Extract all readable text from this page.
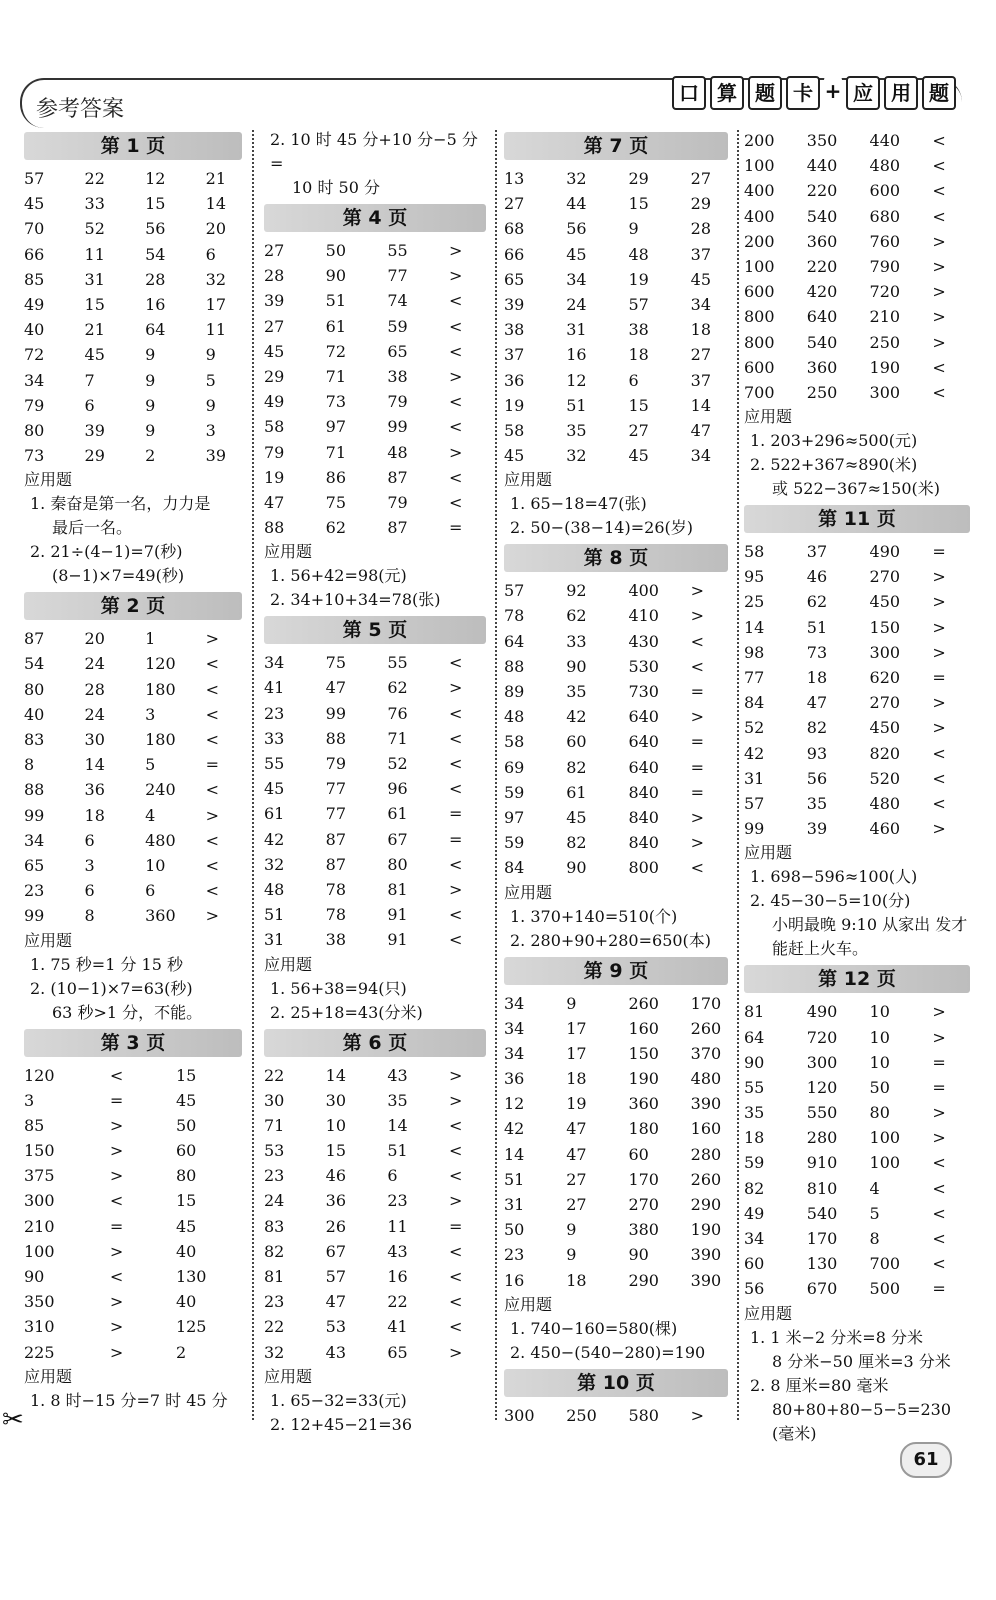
参考答案
口 算 题 卡 + 应 用 题
第 1 页
57	22	12	21
45	33	15	14
70	52	56	20
66	11	54	6
85	31	28	32
49	15	16	17
40	21	64	11
72	45	9	9
34	7	9	5
79	6	9	9
80	39	9	3
73	29	2	39
应用题
1. 秦奋是第一名，力力是
最后一名。
2. 21÷(4−1)=7(秒)
(8−1)×7=49(秒)
第 2 页
87	20	1	>
54	24	120	<
80	28	180	<
40	24	3	<
83	30	180	<
8	14	5	=
88	36	240	<
99	18	4	>
34	6	480	<
65	3	10	<
23	6	6	<
99	8	360	>
应用题
1. 75 秒=1 分 15 秒
2. (10−1)×7=63(秒)
63 秒>1 分，不能。
第 3 页
120	<	15
3	=	45
85	>	50
150	>	60
375	>	80
300	<	15
210	=	45
100	>	40
90	<	130
350	>	40
310	>	125
225	>	2
应用题
1. 8 时−15 分=7 时 45 分
2. 10 时 45 分+10 分−5 分=
10 时 50 分
第 4 页
27	50	55	>
28	90	77	>
39	51	74	<
27	61	59	<
45	72	65	<
29	71	38	>
49	73	79	<
58	97	99	<
79	71	48	>
19	86	87	<
47	75	79	<
88	62	87	=
应用题
1. 56+42=98(元)
2. 34+10+34=78(张)
第 5 页
34	75	55	<
41	47	62	>
23	99	76	<
33	88	71	<
55	79	52	<
45	77	96	<
61	77	61	=
42	87	67	=
32	87	80	<
48	78	81	>
51	78	91	<
31	38	91	<
应用题
1. 56+38=94(只)
2. 25+18=43(分米)
第 6 页
22	14	43	>
30	30	35	>
71	10	14	<
53	15	51	<
23	46	6	<
24	36	23	>
83	26	11	=
82	67	43	<
81	57	16	<
23	47	22	<
22	53	41	<
32	43	65	>
应用题
1. 65−32=33(元)
2. 12+45−21=36
第 7 页
13	32	29	27
27	44	15	29
68	56	9	28
66	45	48	37
65	34	19	45
39	24	57	34
38	31	38	18
37	16	18	27
36	12	6	37
19	51	15	14
58	35	27	47
45	32	45	34
应用题
1. 65−18=47(张)
2. 50−(38−14)=26(岁)
第 8 页
57	92	400	>
78	62	410	>
64	33	430	<
88	90	530	<
89	35	730	=
48	42	640	>
58	60	640	=
69	82	640	=
59	61	840	=
97	45	840	>
59	82	840	>
84	90	800	<
应用题
1. 370+140=510(个)
2. 280+90+280=650(本)
第 9 页
34	9	260	170
34	17	160	260
34	17	150	370
36	18	190	480
12	19	360	390
42	47	180	160
14	47	60	280
51	27	170	260
31	27	270	290
50	9	380	190
23	9	90	390
16	18	290	390
应用题
1. 740−160=580(棵)
2. 450−(540−280)=190
第 10 页
300	250	580	>
200	350	440	<
100	440	480	<
400	220	600	<
400	540	680	<
200	360	760	>
100	220	790	>
600	420	720	>
800	640	210	>
800	540	250	>
600	360	190	<
700	250	300	<
应用题
1. 203+296≈500(元)
2. 522+367≈890(米)
或 522−367≈150(米)
第 11 页
58	37	490	=
95	46	270	>
25	62	450	>
14	51	150	>
98	73	300	>
77	18	620	=
84	47	270	>
52	82	450	>
42	93	820	<
31	56	520	<
57	35	480	<
99	39	460	>
应用题
1. 698−596≈100(人)
2. 45−30−5=10(分)
小明最晚 9:10 从家出 发才能赶上火车。
第 12 页
81	490	10	>
64	720	10	>
90	300	10	=
55	120	50	=
35	550	80	>
18	280	100	>
59	910	100	<
82	810	4	<
49	540	5	<
34	170	8	<
60	130	700	<
56	670	500	=
应用题
1. 1 米−2 分米=8 分米
8 分米−50 厘米=3 分米
2. 8 厘米=80 毫米
80+80+80−5−5=230 (毫米)
✂
61
